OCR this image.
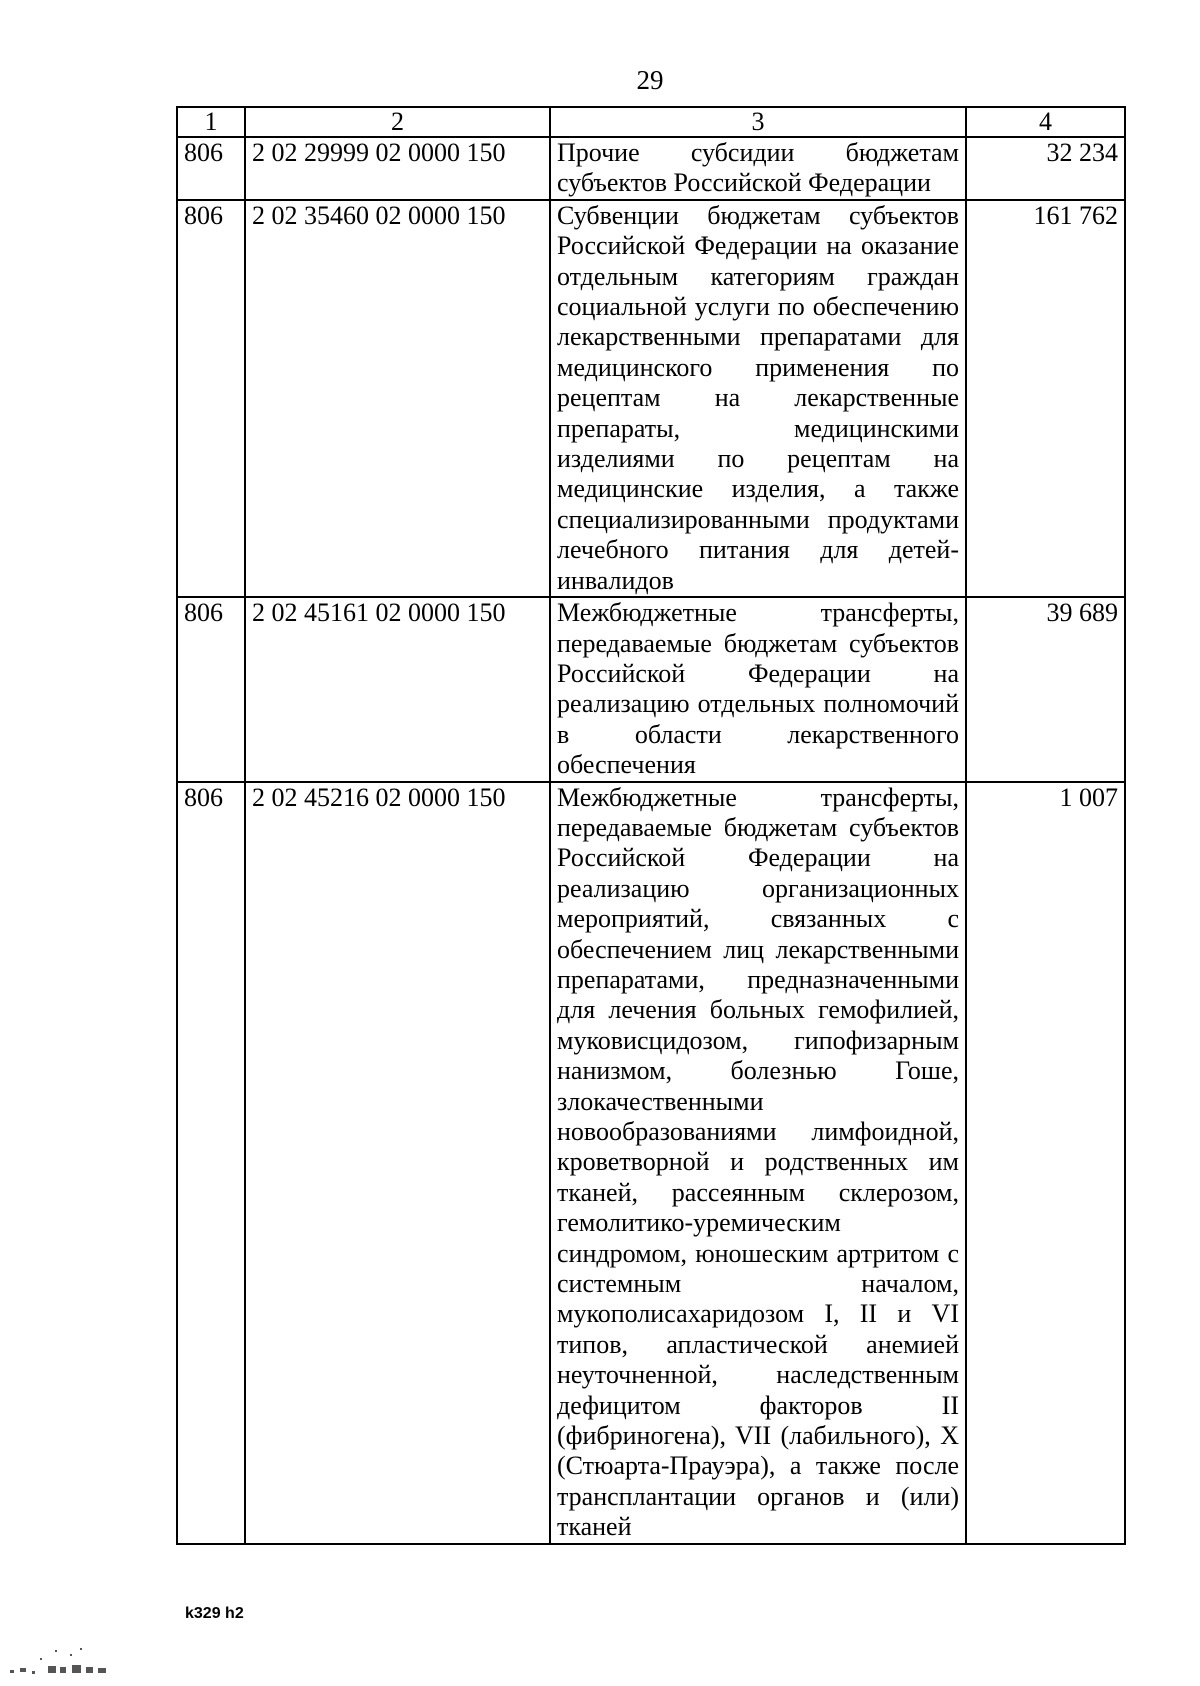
29
1	2	3	4
806	2 02 29999 02 0000 150	Прочие субсидии бюджетам субъектов Российской Федерации	32 234
806	2 02 35460 02 0000 150	Субвенции бюджетам субъектов Российской Федерации на оказание отдельным категориям граждан социальной услуги по обеспечению лекарственными препаратами для медицинского применения по рецептам на лекарственные препараты, медицинскими изделиями по рецептам на медицинские изделия, а также специализированными продуктами лечебного питания для детей-инвалидов	161 762
806	2 02 45161 02 0000 150	Межбюджетные трансферты, передаваемые бюджетам субъектов Российской Федерации на реализацию отдельных полномочий в области лекарственного обеспечения	39 689
806	2 02 45216 02 0000 150	Межбюджетные трансферты, передаваемые бюджетам субъектов Российской Федерации на реализацию организационных мероприятий, связанных с обеспечением лиц лекарственными препаратами, предназначенными для лечения больных гемофилией, муковисцидозом, гипофизарным нанизмом, болезнью Гоше, злокачественными новообразованиями лимфоидной, кроветворной и родственных им тканей, рассеянным склерозом, гемолитико-уремическим синдромом, юношеским артритом с системным началом, мукополисахаридозом I, II и VI типов, апластической анемией неуточненной, наследственным дефицитом факторов II (фибриногена), VII (лабильного), X (Стюарта-Прауэра), а также после трансплантации органов и (или) тканей	1 007
k329 h2
